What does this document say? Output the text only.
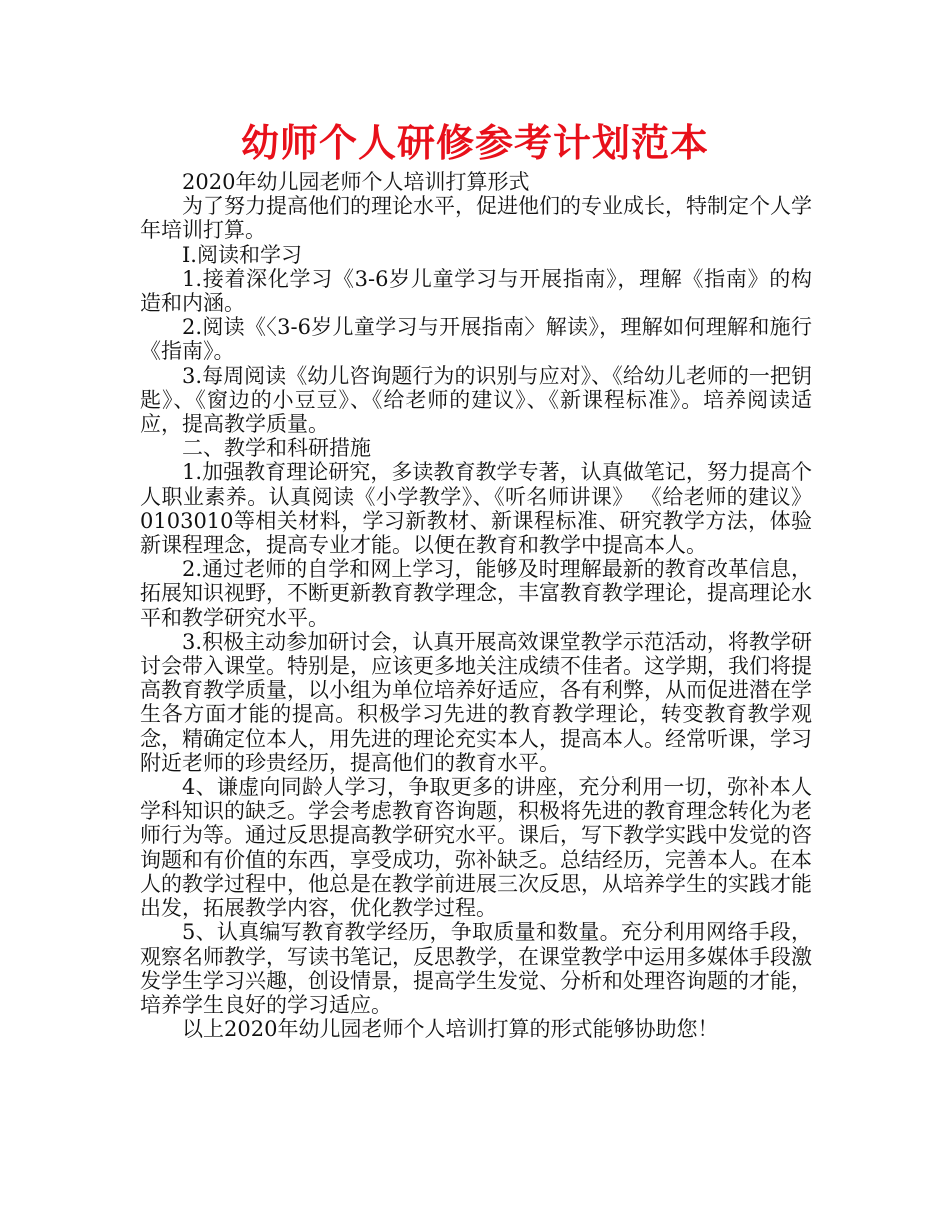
幼师个人研修参考计划范本

2020年幼儿园老师个人培训打算形式

为了努力提高他们的理论水平，促进他们的专业成长，特制定个人学年培训打算。

Ⅰ.阅读和学习

1.接着深化学习《3-6岁儿童学习与开展指南》，理解《指南》的构造和内涵。

2.阅读《〈3-6岁儿童学习与开展指南〉解读》，理解如何理解和施行《指南》。

3.每周阅读《幼儿咨询题行为的识别与应对》、《给幼儿老师的一把钥匙》、《窗边的小豆豆》、《给老师的建议》、《新课程标准》。培养阅读适应，提高教学质量。

二、教学和科研措施

1.加强教育理论研究，多读教育教学专著，认真做笔记，努力提高个人职业素养。认真阅读《小学教学》、《听名师讲课》 《给老师的建议》 0103010等相关材料，学习新教材、新课程标准、研究教学方法，体验新课程理念，提高专业才能。以便在教育和教学中提高本人。

2.通过老师的自学和网上学习，能够及时理解最新的教育改革信息，拓展知识视野，不断更新教育教学理念，丰富教育教学理论，提高理论水平和教学研究水平。

3.积极主动参加研讨会，认真开展高效课堂教学示范活动，将教学研讨会带入课堂。特别是，应该更多地关注成绩不佳者。这学期，我们将提高教育教学质量，以小组为单位培养好适应，各有利弊，从而促进潜在学生各方面才能的提高。积极学习先进的教育教学理论，转变教育教学观念，精确定位本人，用先进的理论充实本人，提高本人。经常听课，学习附近老师的珍贵经历，提高他们的教育水平。

4、谦虚向同龄人学习，争取更多的讲座，充分利用一切，弥补本人学科知识的缺乏。学会考虑教育咨询题，积极将先进的教育理念转化为老师行为等。通过反思提高教学研究水平。课后，写下教学实践中发觉的咨询题和有价值的东西，享受成功，弥补缺乏。总结经历，完善本人。在本人的教学过程中，他总是在教学前进展三次反思，从培养学生的实践才能出发，拓展教学内容，优化教学过程。

5、认真编写教育教学经历，争取质量和数量。充分利用网络手段，观察名师教学，写读书笔记，反思教学，在课堂教学中运用多媒体手段激发学生学习兴趣，创设情景，提高学生发觉、分析和处理咨询题的才能，培养学生良好的学习适应。

以上2020年幼儿园老师个人培训打算的形式能够协助您！
